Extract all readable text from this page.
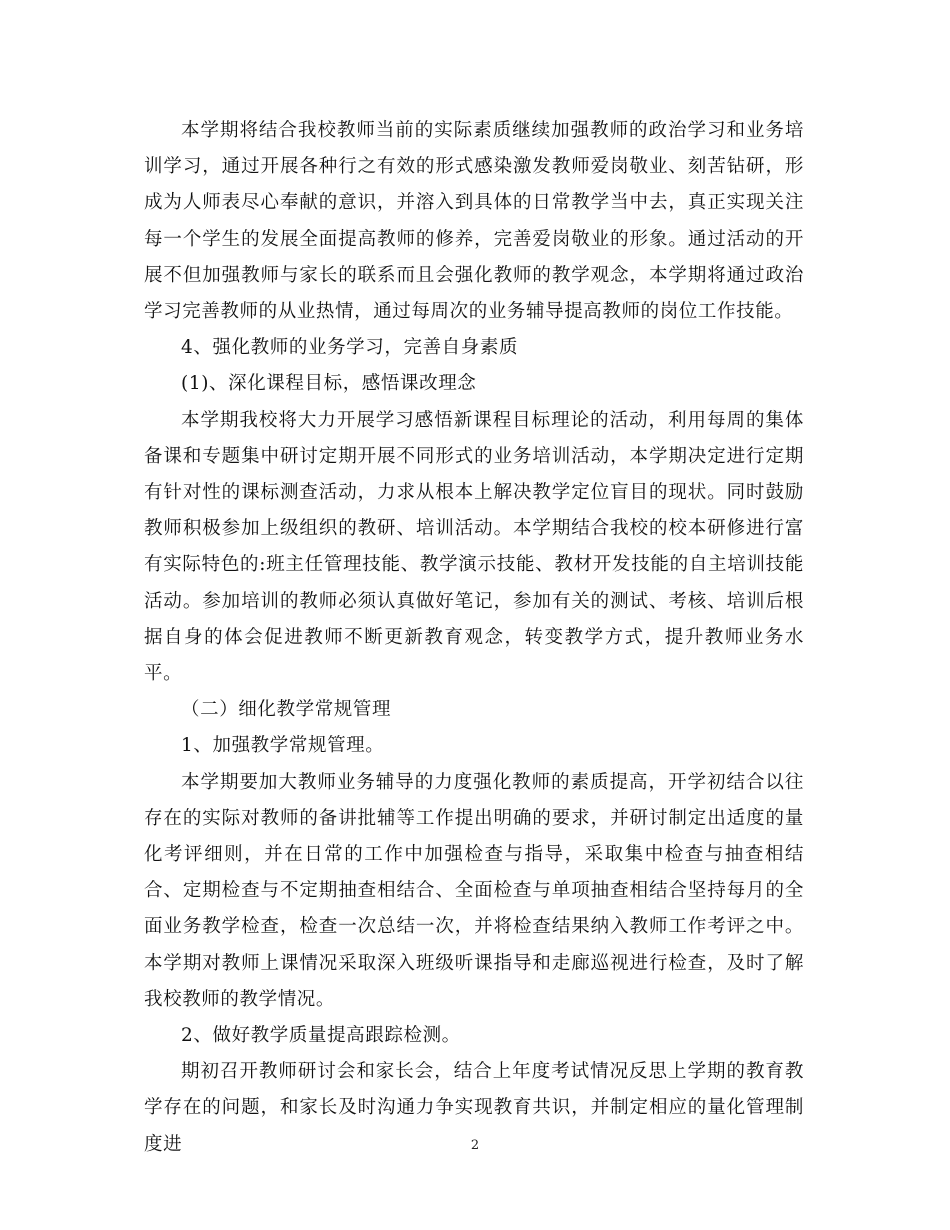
本学期将结合我校教师当前的实际素质继续加强教师的政治学习和业务培训学习，通过开展各种行之有效的形式感染激发教师爱岗敬业、刻苦钻研，形成为人师表尽心奉献的意识，并溶入到具体的日常教学当中去，真正实现关注每一个学生的发展全面提高教师的修养，完善爱岗敬业的形象。通过活动的开展不但加强教师与家长的联系而且会强化教师的教学观念，本学期将通过政治学习完善教师的从业热情，通过每周次的业务辅导提高教师的岗位工作技能。

4、强化教师的业务学习，完善自身素质

(1)、深化课程目标，感悟课改理念

本学期我校将大力开展学习感悟新课程目标理论的活动，利用每周的集体备课和专题集中研讨定期开展不同形式的业务培训活动，本学期决定进行定期有针对性的课标测查活动，力求从根本上解决教学定位盲目的现状。同时鼓励教师积极参加上级组织的教研、培训活动。本学期结合我校的校本研修进行富有实际特色的:班主任管理技能、教学演示技能、教材开发技能的自主培训技能活动。参加培训的教师必须认真做好笔记，参加有关的测试、考核、培训后根据自身的体会促进教师不断更新教育观念，转变教学方式，提升教师业务水平。

（二）细化教学常规管理

1、加强教学常规管理。

本学期要加大教师业务辅导的力度强化教师的素质提高，开学初结合以往存在的实际对教师的备讲批辅等工作提出明确的要求，并研讨制定出适度的量化考评细则，并在日常的工作中加强检查与指导，采取集中检查与抽查相结合、定期检查与不定期抽查相结合、全面检查与单项抽查相结合坚持每月的全面业务教学检查，检查一次总结一次，并将检查结果纳入教师工作考评之中。本学期对教师上课情况采取深入班级听课指导和走廊巡视进行检查，及时了解我校教师的教学情况。

2、做好教学质量提高跟踪检测。

期初召开教师研讨会和家长会，结合上年度考试情况反思上学期的教育教学存在的问题，和家长及时沟通力争实现教育共识，并制定相应的量化管理制度进	2
